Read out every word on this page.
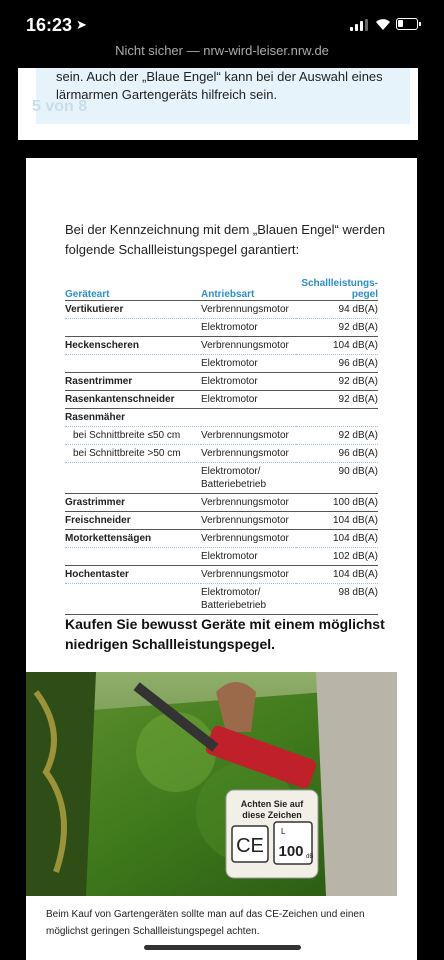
16:23 ➤
Nicht sicher — nrw-wird-leiser.nrw.de
sein. Auch der „Blaue Engel“ kann bei der Auswahl eines lärmarmen Gartengeräts hilfreich sein.
5 von 8
Bei der Kennzeichnung mit dem „Blauen Engel“ werden folgende Schallleistungspegel garantiert:
Geräteart	Antriebsart	Schallleistungs-
pegel
Vertikutierer	Verbrennungsmotor	94 dB(A)
	Elektromotor	92 dB(A)
Heckenscheren	Verbrennungsmotor	104 dB(A)
	Elektromotor	96 dB(A)
Rasentrimmer	Elektromotor	92 dB(A)
Rasenkantenschneider	Elektromotor	92 dB(A)
Rasenmäher		
bei Schnittbreite ≤50 cm	Verbrennungsmotor	92 dB(A)
bei Schnittbreite >50 cm	Verbrennungsmotor	96 dB(A)
	Elektromotor/ Batteriebetrieb	90 dB(A)
Grastrimmer	Verbrennungsmotor	100 dB(A)
Freischneider	Verbrennungsmotor	104 dB(A)
Motorkettensägen	Verbrennungsmotor	104 dB(A)
	Elektromotor	102 dB(A)
Hochentaster	Verbrennungsmotor	104 dB(A)
	Elektromotor/ Batteriebetrieb	98 dB(A)
Kaufen Sie bewusst Geräte mit einem möglichst niedrigen Schallleistungspegel.
Achten Sie auf
diese Zeichen
CE
L
100 dB
Beim Kauf von Gartengeräten sollte man auf das CE-Zeichen und einen möglichst geringen Schallleistungspegel achten.
